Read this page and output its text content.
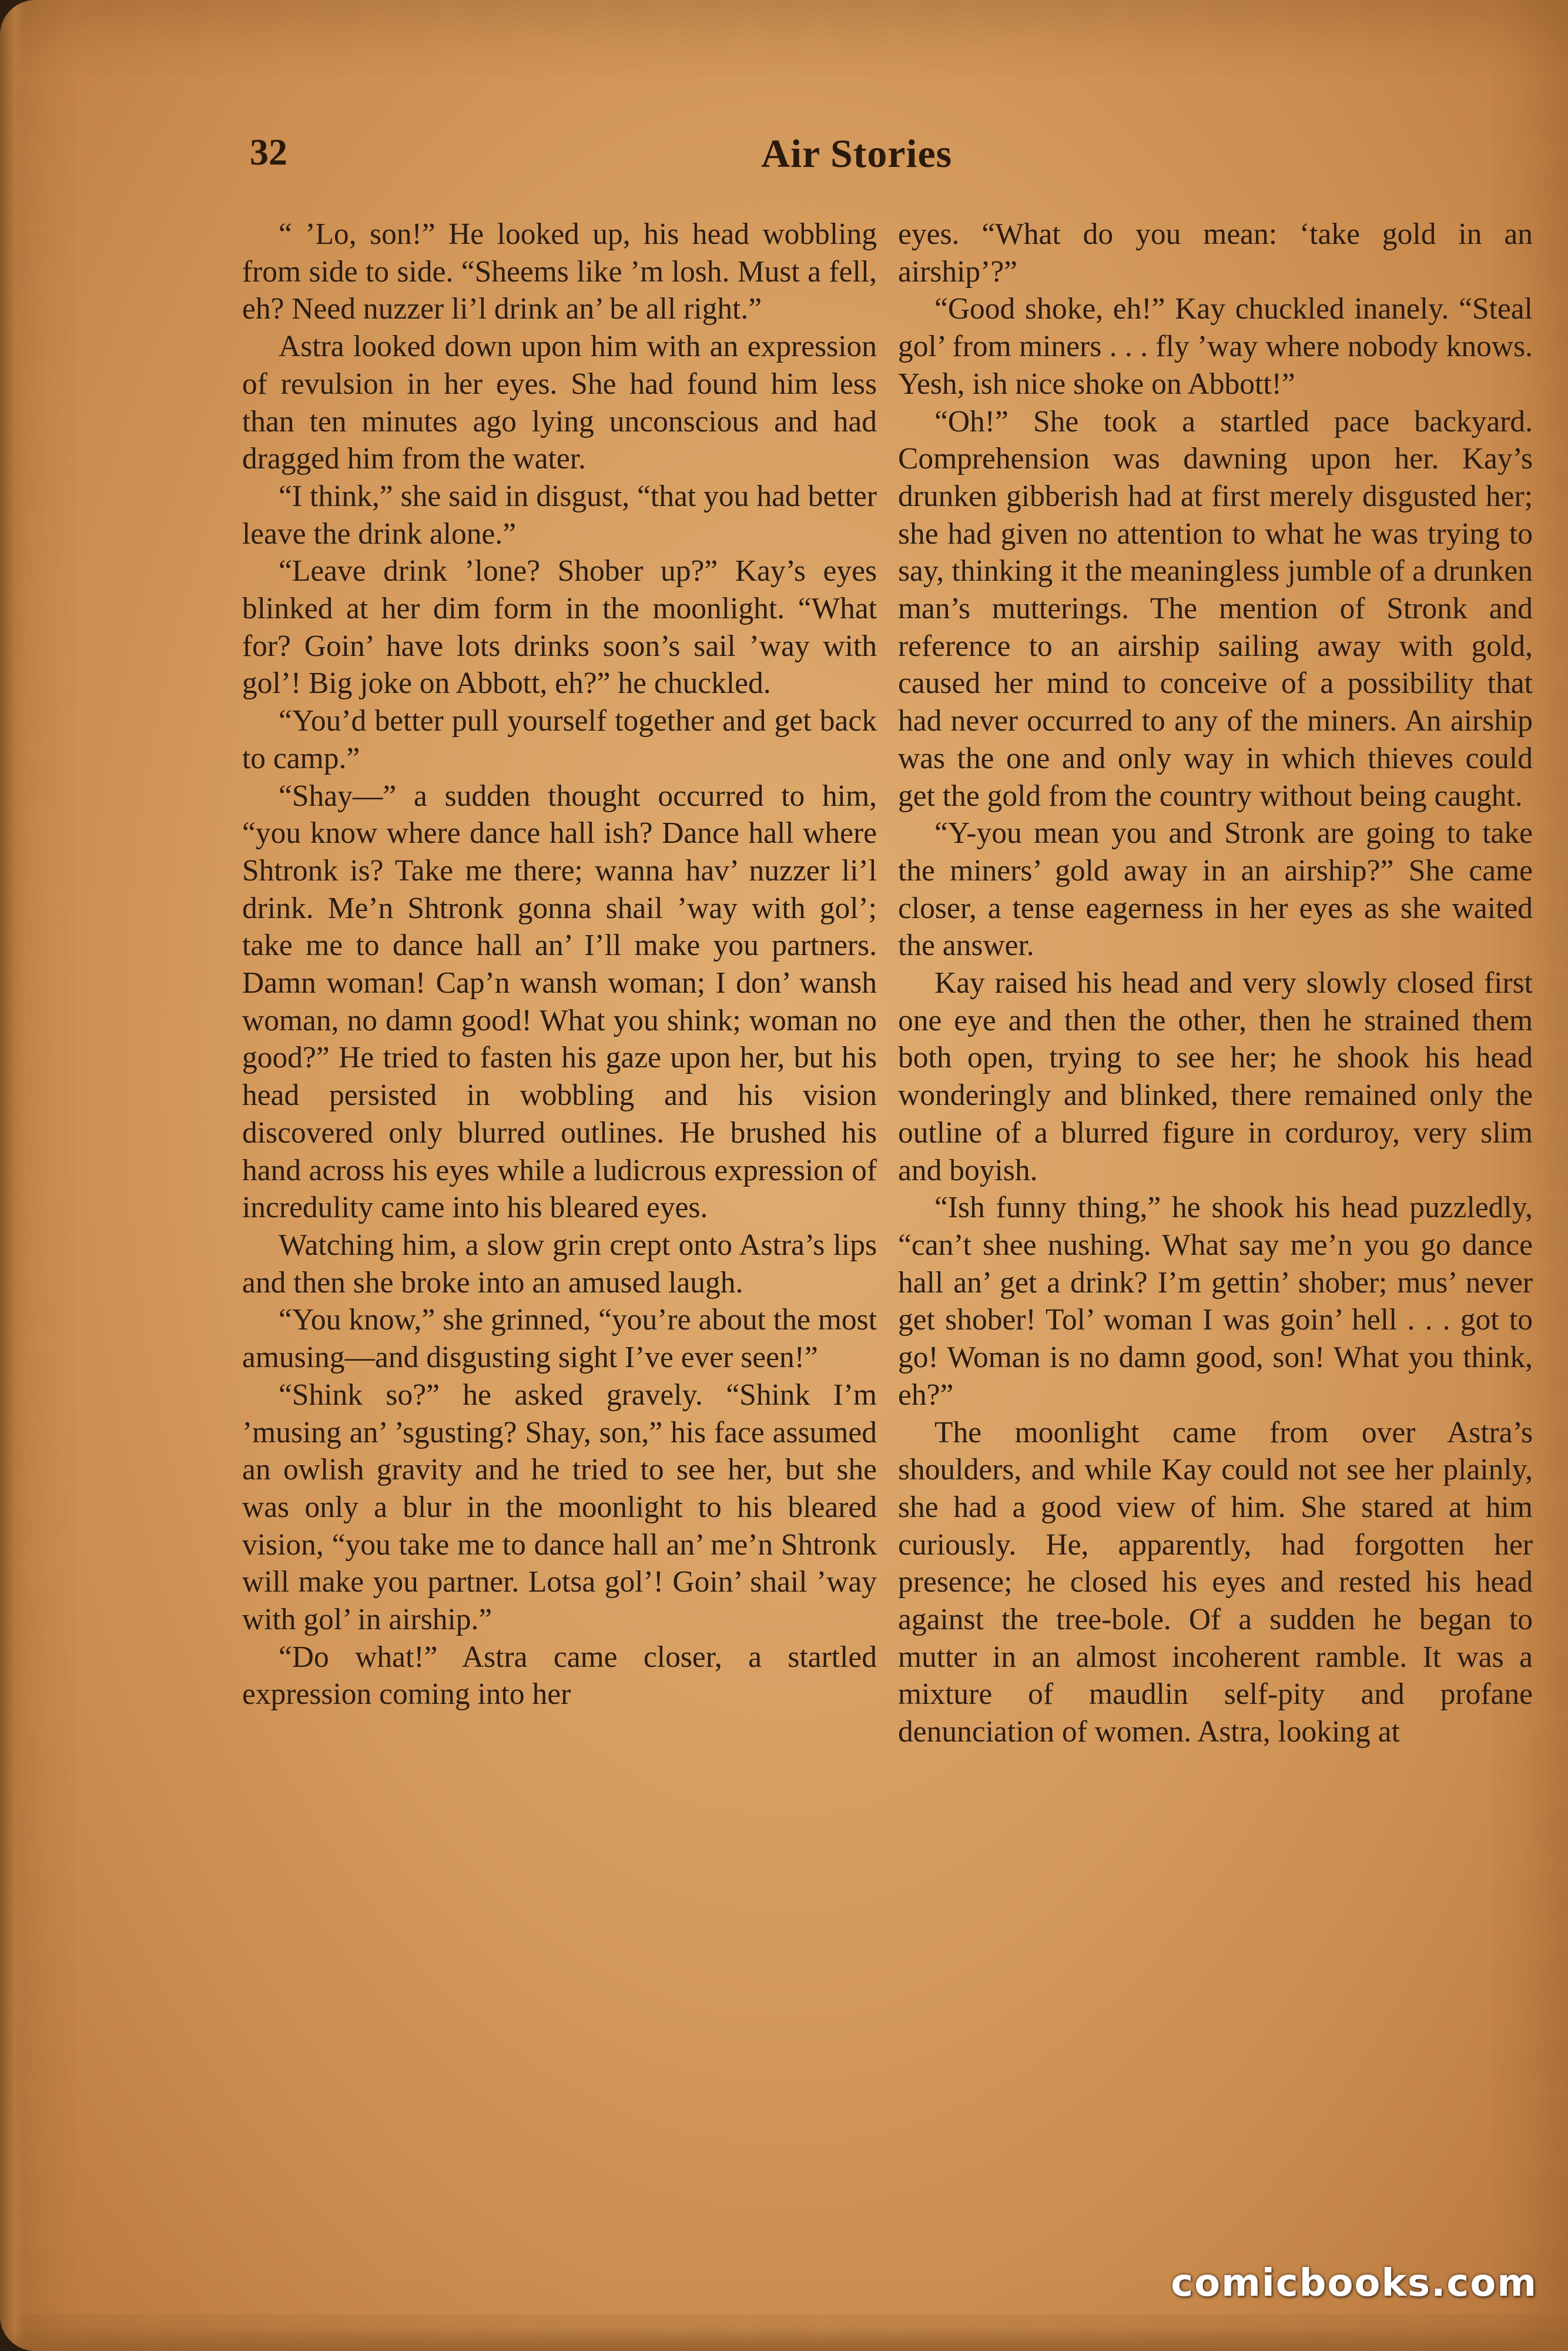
32	Air Stories

“ ’Lo, son!” He looked up, his head wobbling from side to side. “Sheems like ’m losh. Must a fell, eh? Need nuzzer li’l drink an’ be all right.”

Astra looked down upon him with an expression of revulsion in her eyes. She had found him less than ten minutes ago lying unconscious and had dragged him from the water.

“I think,” she said in disgust, “that you had better leave the drink alone.”

“Leave drink ’lone? Shober up?” Kay’s eyes blinked at her dim form in the moonlight. “What for? Goin’ have lots drinks soon’s sail ’way with gol’! Big joke on Abbott, eh?” he chuckled.

“You’d better pull yourself together and get back to camp.”

“Shay—” a sudden thought occurred to him, “you know where dance hall ish? Dance hall where Shtronk is? Take me there; wanna hav’ nuzzer li’l drink. Me’n Shtronk gonna shail ’way with gol’; take me to dance hall an’ I’ll make you partners. Damn woman! Cap’n wansh woman; I don’ wansh woman, no damn good! What you shink; woman no good?” He tried to fasten his gaze upon her, but his head persisted in wobbling and his vision discovered only blurred outlines. He brushed his hand across his eyes while a ludicrous expression of incredulity came into his bleared eyes.

Watching him, a slow grin crept onto Astra’s lips and then she broke into an amused laugh.

“You know,” she grinned, “you’re about the most amusing—and disgusting sight I’ve ever seen!”

“Shink so?” he asked gravely. “Shink I’m ’musing an’ ’sgusting? Shay, son,” his face assumed an owlish gravity and he tried to see her, but she was only a blur in the moonlight to his bleared vision, “you take me to dance hall an’ me’n Shtronk will make you partner. Lotsa gol’! Goin’ shail ’way with gol’ in airship.”

“Do what!” Astra came closer, a startled expression coming into her

eyes. “What do you mean: ‘take gold in an airship’?”

“Good shoke, eh!” Kay chuckled inanely. “Steal gol’ from miners . . . fly ’way where nobody knows. Yesh, ish nice shoke on Abbott!”

“Oh!” She took a startled pace backyard. Comprehension was dawning upon her. Kay’s drunken gibberish had at first merely disgusted her; she had given no attention to what he was trying to say, thinking it the meaningless jumble of a drunken man’s mutterings. The mention of Stronk and reference to an airship sailing away with gold, caused her mind to conceive of a possibility that had never occurred to any of the miners. An airship was the one and only way in which thieves could get the gold from the country without being caught.

“Y-you mean you and Stronk are going to take the miners’ gold away in an airship?” She came closer, a tense eagerness in her eyes as she waited the answer.

Kay raised his head and very slowly closed first one eye and then the other, then he strained them both open, trying to see her; he shook his head wonderingly and blinked, there remained only the outline of a blurred figure in corduroy, very slim and boyish.

“Ish funny thing,” he shook his head puzzledly, “can’t shee nushing. What say me’n you go dance hall an’ get a drink? I’m gettin’ shober; mus’ never get shober! Tol’ woman I was goin’ hell . . . got to go! Woman is no damn good, son! What you think, eh?”

The moonlight came from over Astra’s shoulders, and while Kay could not see her plainly, she had a good view of him. She stared at him curiously. He, apparently, had forgotten her presence; he closed his eyes and rested his head against the tree-bole. Of a sudden he began to mutter in an almost incoherent ramble. It was a mixture of maudlin self-pity and profane denunciation of women. Astra, looking at

comicbooks.com
